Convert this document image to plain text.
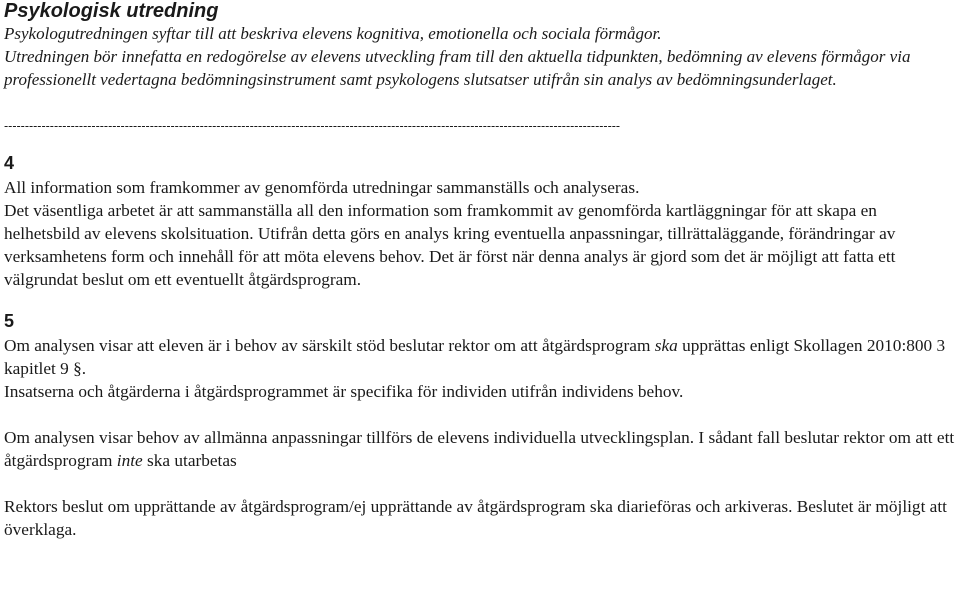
Psykologisk utredning

Psykologutredningen syftar till att beskriva elevens kognitiva, emotionella och sociala förmågor.

Utredningen bör innefatta en redogörelse av elevens utveckling fram till den aktuella tidpunkten, bedömning av elevens förmågor via professionellt vedertagna bedömningsinstrument samt psykologens slutsatser utifrån sin analys av bedömningsunderlaget.

----------------------------------------------------------------------------------------------------------------------------------------------------

4

All information som framkommer av genomförda utredningar sammanställs och analyseras.

Det väsentliga arbetet är att sammanställa all den information som framkommit av genomförda kartläggningar för att skapa en helhetsbild av elevens skolsituation. Utifrån detta görs en analys kring eventuella anpassningar, tillrättaläggande, förändringar av verksamhetens form och innehåll för att möta elevens behov. Det är först när denna analys är gjord som det är möjligt att fatta ett välgrundat beslut om ett eventuellt åtgärdsprogram.

5

Om analysen visar att eleven är i behov av särskilt stöd beslutar rektor om att åtgärdsprogram ska upprättas enligt Skollagen 2010:800 3 kapitlet 9 §.

Insatserna och åtgärderna i åtgärdsprogrammet är specifika för individen utifrån individens behov.

Om analysen visar behov av allmänna anpassningar tillförs de elevens individuella utvecklingsplan. I sådant fall beslutar rektor om att ett åtgärdsprogram inte ska utarbetas

Rektors beslut om upprättande av åtgärdsprogram/ej upprättande av åtgärdsprogram ska diarieföras och arkiveras. Beslutet är möjligt att överklaga.
